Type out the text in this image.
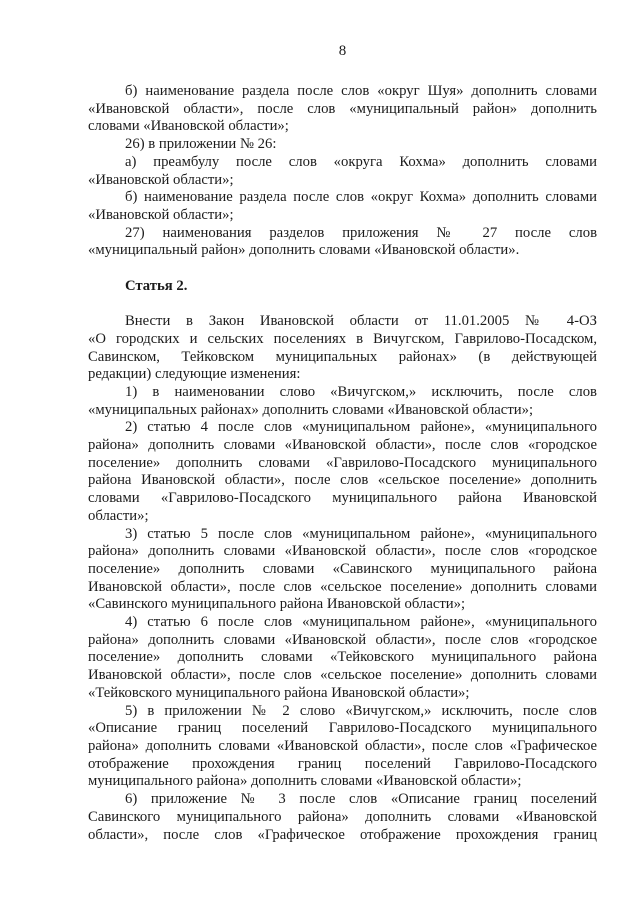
8
б) наименование раздела после слов «округ Шуя» дополнить словами
«Ивановской области», после слов «муниципальный район» дополнить
словами «Ивановской области»;
26) в приложении № 26:
а) преамбулу после слов «округа Кохма» дополнить словами
«Ивановской области»;
б) наименование раздела после слов «округ Кохма» дополнить словами
«Ивановской области»;
27) наименования разделов приложения № 27 после слов
«муниципальный район» дополнить словами «Ивановской области».
Статья 2.
Внести в Закон Ивановской области от 11.01.2005 № 4-ОЗ
«О городских и сельских поселениях в Вичугском, Гаврилово-Посадском,
Савинском, Тейковском муниципальных районах» (в действующей
редакции) следующие изменения:
1) в наименовании слово «Вичугском,» исключить, после слов
«муниципальных районах» дополнить словами «Ивановской области»;
2) статью 4 после слов «муниципальном районе», «муниципального
района» дополнить словами «Ивановской области», после слов «городское
поселение» дополнить словами «Гаврилово-Посадского муниципального
района Ивановской области», после слов «сельское поселение» дополнить
словами «Гаврилово-Посадского муниципального района Ивановской
области»;
3) статью 5 после слов «муниципальном районе», «муниципального
района» дополнить словами «Ивановской области», после слов «городское
поселение» дополнить словами «Савинского муниципального района
Ивановской области», после слов «сельское поселение» дополнить словами
«Савинского муниципального района Ивановской области»;
4) статью 6 после слов «муниципальном районе», «муниципального
района» дополнить словами «Ивановской области», после слов «городское
поселение» дополнить словами «Тейковского муниципального района
Ивановской области», после слов «сельское поселение» дополнить словами
«Тейковского муниципального района Ивановской области»;
5) в приложении № 2 слово «Вичугском,» исключить, после слов
«Описание границ поселений Гаврилово-Посадского муниципального
района» дополнить словами «Ивановской области», после слов «Графическое
отображение прохождения границ поселений Гаврилово-Посадского
муниципального района» дополнить словами «Ивановской области»;
6) приложение № 3 после слов «Описание границ поселений
Савинского муниципального района» дополнить словами «Ивановской
области», после слов «Графическое отображение прохождения границ
